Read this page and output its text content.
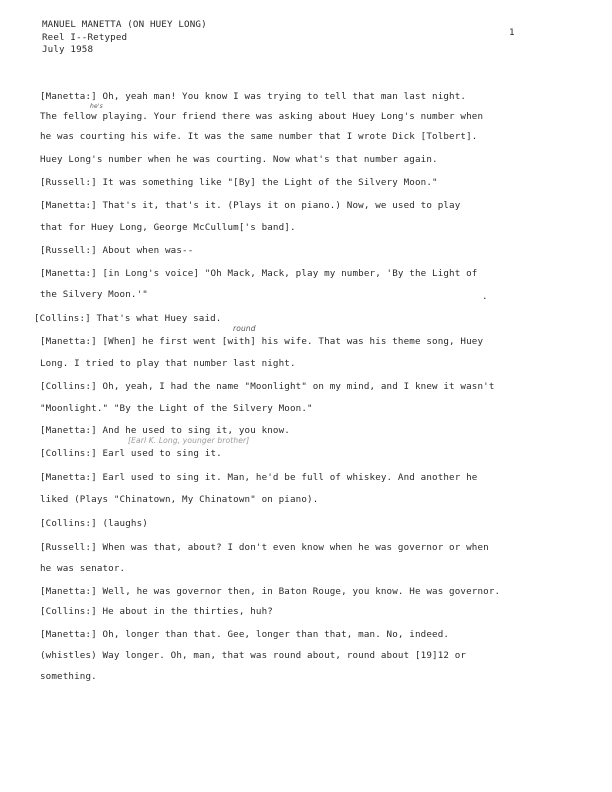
MANUEL MANETTA (ON HUEY LONG)
Reel I--Retyped
July 1958
1
[Manetta:] Oh, yeah man! You know I was trying to tell that man last night.
he's
The fellow playing. Your friend there was asking about Huey Long's number when
he was courting his wife. It was the same number that I wrote Dick [Tolbert].
Huey Long's number when he was courting. Now what's that number again.
[Russell:] It was something like "[By] the Light of the Silvery Moon."
[Manetta:] That's it, that's it. (Plays it on piano.) Now, we used to play
that for Huey Long, George McCullum['s band].
[Russell:] About when was--
[Manetta:] [in Long's voice] "Oh Mack, Mack, play my number, 'By the Light of
the Silvery Moon.'"
[Collins:] That's what Huey said.
round
[Manetta:] [When] he first went [with] his wife. That was his theme song, Huey
Long. I tried to play that number last night.
[Collins:] Oh, yeah, I had the name "Moonlight" on my mind, and I knew it wasn't
"Moonlight." "By the Light of the Silvery Moon."
[Manetta:] And he used to sing it, you know.
[Earl K. Long, younger brother]
[Collins:] Earl used to sing it.
[Manetta:] Earl used to sing it. Man, he'd be full of whiskey. And another he
liked (Plays "Chinatown, My Chinatown" on piano).
[Collins:] (laughs)
[Russell:] When was that, about? I don't even know when he was governor or when
he was senator.
[Manetta:] Well, he was governor then, in Baton Rouge, you know. He was governor.
[Collins:] He about in the thirties, huh?
[Manetta:] Oh, longer than that. Gee, longer than that, man. No, indeed.
(whistles) Way longer. Oh, man, that was round about, round about [19]12 or
something.
.
